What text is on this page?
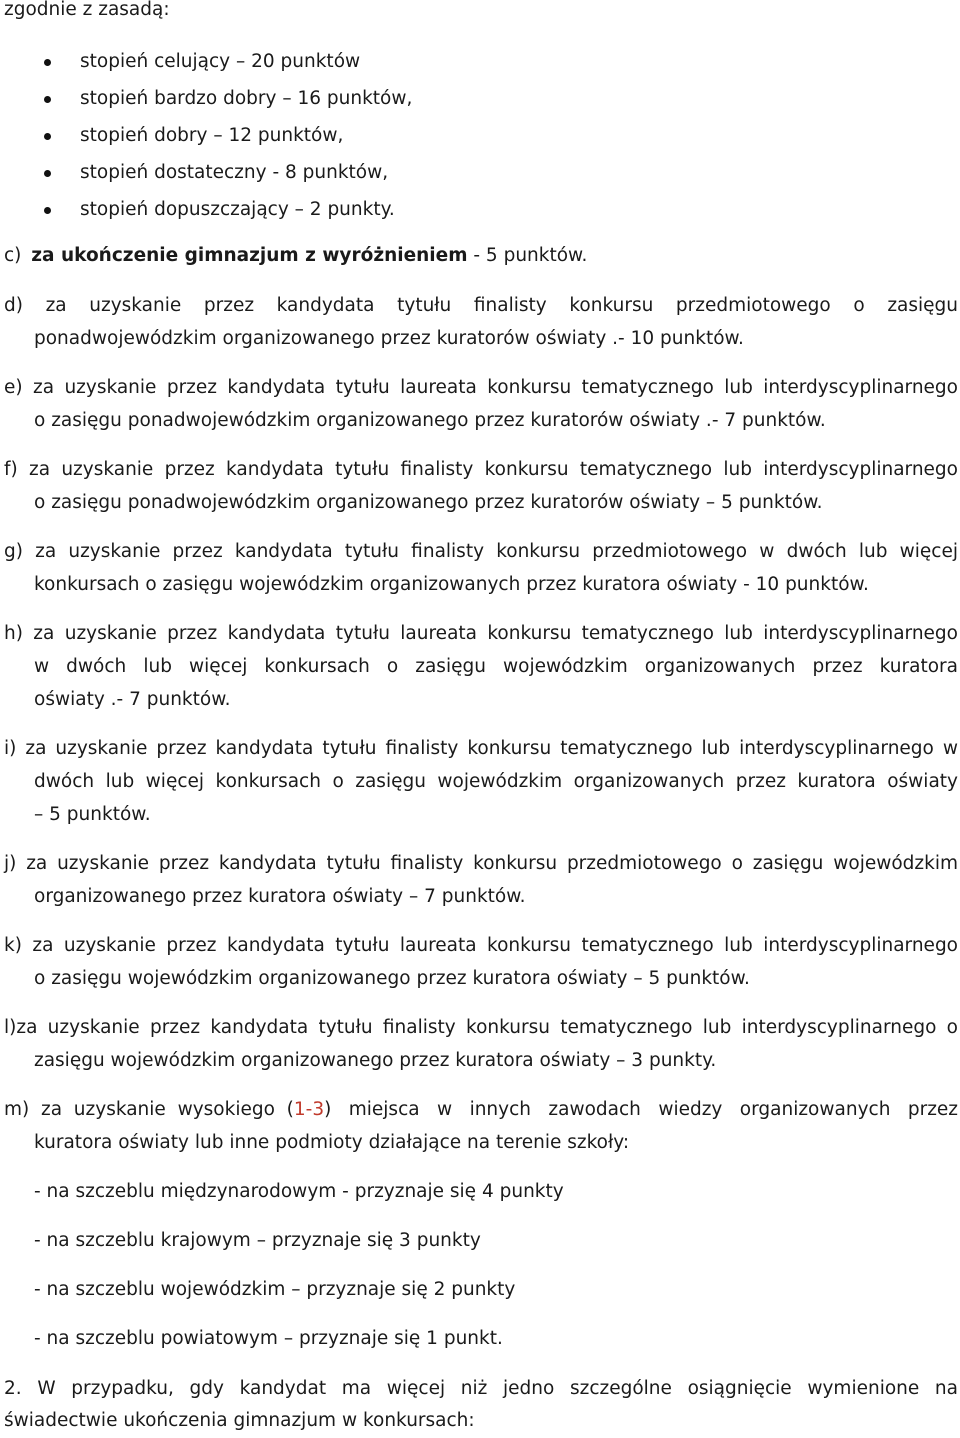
zgodnie z zasadą:
stopień celujący – 20 punktów
stopień bardzo dobry – 16 punktów,
stopień dobry – 12 punktów,
stopień dostateczny - 8 punktów,
stopień dopuszczający – 2 punkty.
c) za ukończenie gimnazjum z wyróżnieniem - 5 punktów.
d) za uzyskanie przez kandydata tytułu finalisty konkursu przedmiotowego o zasięgu
ponadwojewódzkim organizowanego przez kuratorów oświaty .- 10 punktów.
e) za uzyskanie przez kandydata tytułu laureata konkursu tematycznego lub interdyscyplinarnego
o zasięgu ponadwojewódzkim organizowanego przez kuratorów oświaty .- 7 punktów.
f) za uzyskanie przez kandydata tytułu finalisty konkursu tematycznego lub interdyscyplinarnego
o zasięgu ponadwojewódzkim organizowanego przez kuratorów oświaty – 5 punktów.
g) za uzyskanie przez kandydata tytułu finalisty konkursu przedmiotowego w dwóch lub więcej
konkursach o zasięgu wojewódzkim organizowanych przez kuratora oświaty - 10 punktów.
h) za uzyskanie przez kandydata tytułu laureata konkursu tematycznego lub interdyscyplinarnego
w dwóch lub więcej konkursach o zasięgu wojewódzkim organizowanych przez kuratora
oświaty .- 7 punktów.
i) za uzyskanie przez kandydata tytułu finalisty konkursu tematycznego lub interdyscyplinarnego w
dwóch lub więcej konkursach o zasięgu wojewódzkim organizowanych przez kuratora oświaty
– 5 punktów.
j) za uzyskanie przez kandydata tytułu finalisty konkursu przedmiotowego o zasięgu wojewódzkim
organizowanego przez kuratora oświaty – 7 punktów.
k) za uzyskanie przez kandydata tytułu laureata konkursu tematycznego lub interdyscyplinarnego
o zasięgu wojewódzkim organizowanego przez kuratora oświaty – 5 punktów.
l)za uzyskanie przez kandydata tytułu finalisty konkursu tematycznego lub interdyscyplinarnego o
zasięgu wojewódzkim organizowanego przez kuratora oświaty – 3 punkty.
m)  za  uzyskanie  wysokiego  (1-3 )  miejsca  w  innych  zawodach  wiedzy  organizowanych  przez
kuratora oświaty lub inne podmioty działające na terenie szkoły:
- na szczeblu międzynarodowym - przyznaje się 4 punkty
- na szczeblu krajowym – przyznaje się 3 punkty
- na szczeblu wojewódzkim – przyznaje się 2 punkty
- na szczeblu powiatowym – przyznaje się 1 punkt.
2. W przypadku, gdy kandydat ma więcej niż jedno szczególne osiągnięcie wymienione na
świadectwie ukończenia gimnazjum w konkursach:
